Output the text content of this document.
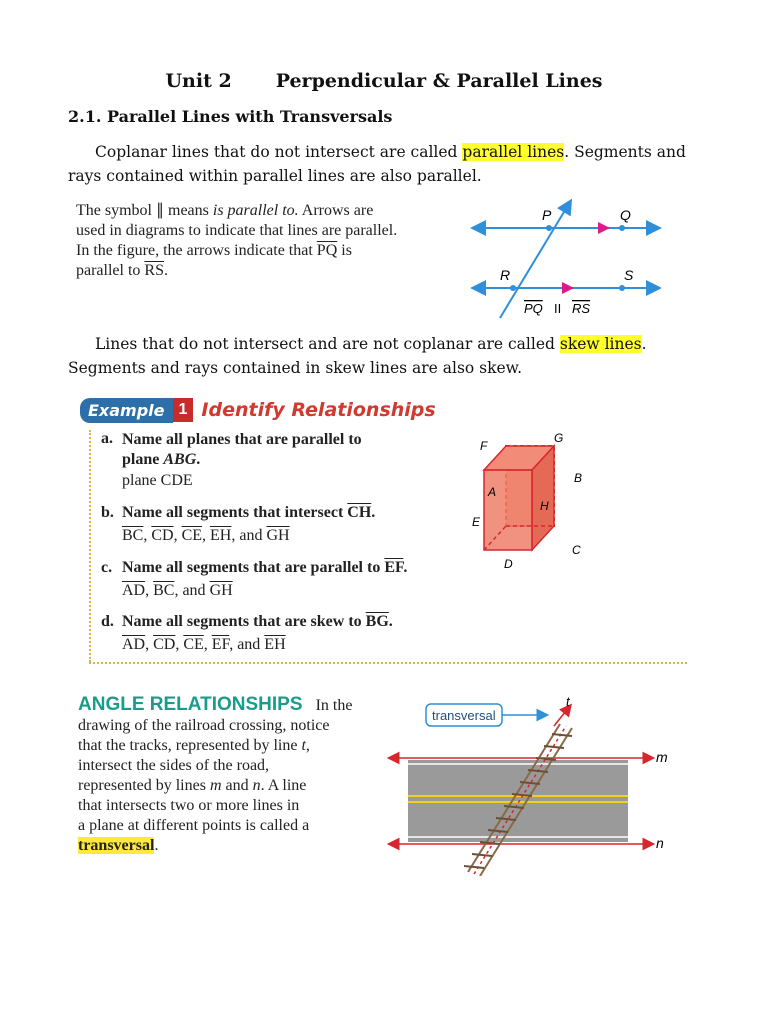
Unit 2 Perpendicular & Parallel Lines
2.1. Parallel Lines with Transversals
Coplanar lines that do not intersect are called parallel lines. Segments and rays contained within parallel lines are also parallel.
The symbol ∥ means is parallel to. Arrows are
used in diagrams to indicate that lines are parallel.
In the figure, the arrows indicate that $\overline{PQ}$ is
parallel to $\overline{RS}$.
P	Q
R	S
PQ II RS
Lines that do not intersect and are not coplanar are called skew lines. Segments and rays contained in skew lines are also skew.
Example 1 Identify Relationships
a. Name all planes that are parallel to
plane ABG.
plane CDE
b. Name all segments that intersect $\overline{CH}$.
$\overline{BC}$, $\overline{CD}$, $\overline{CE}$, $\overline{EH}$, and $\overline{GH}$
c. Name all segments that are parallel to $\overline{EF}$.
$\overline{AD}$, $\overline{BC}$, and $\overline{GH}$
d. Name all segments that are skew to $\overline{BG}$.
$\overline{AD}$, $\overline{CD}$, $\overline{CE}$, $\overline{EF}$, and $\overline{EH}$
F
G
A
B
H
E
C
D
ANGLE RELATIONSHIPS In the
drawing of the railroad crossing, notice
that the tracks, represented by line t,
intersect the sides of the road,
represented by lines m and n. A line
that intersects two or more lines in
a plane at different points is called a
transversal.
transversal
t
m
n
